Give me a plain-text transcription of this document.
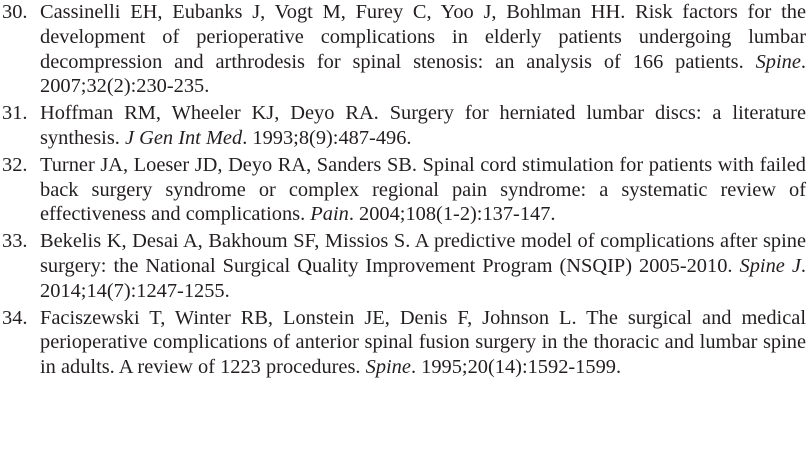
30. Cassinelli EH, Eubanks J, Vogt M, Furey C, Yoo J, Bohlman HH. Risk factors for the development of perioperative complications in elderly patients undergoing lumbar decompression and arthrodesis for spinal stenosis: an analysis of 166 patients. Spine. 2007;32(2):230-235.
31. Hoffman RM, Wheeler KJ, Deyo RA. Surgery for herniated lumbar discs: a literature synthesis. J Gen Int Med. 1993;8(9):487-496.
32. Turner JA, Loeser JD, Deyo RA, Sanders SB. Spinal cord stimulation for patients with failed back surgery syndrome or complex regional pain syndrome: a systematic review of effectiveness and complications. Pain. 2004;108(1-2):137-147.
33. Bekelis K, Desai A, Bakhoum SF, Missios S. A predictive model of complications after spine surgery: the National Surgical Quality Improvement Program (NSQIP) 2005-2010. Spine J. 2014;14(7):1247-1255.
34. Faciszewski T, Winter RB, Lonstein JE, Denis F, Johnson L. The surgical and medical perioperative complications of anterior spinal fusion surgery in the thoracic and lumbar spine in adults. A review of 1223 procedures. Spine. 1995;20(14):1592-1599.
